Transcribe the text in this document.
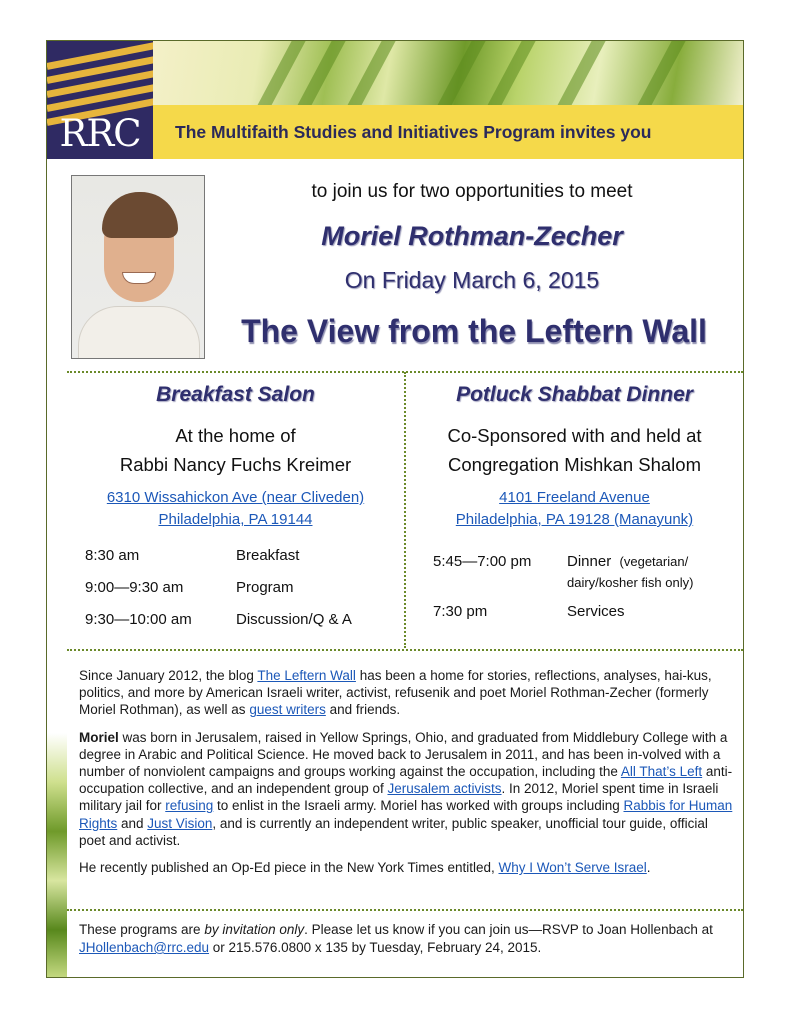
RRC	The Multifaith Studies and Initiatives Program invites you
to join us for two opportunities to meet
Moriel Rothman-Zecher
On Friday March 6, 2015
The View from the Leftern Wall
Breakfast Salon
At the home of
Rabbi Nancy Fuchs Kreimer
6310 Wissahickon Ave (near Cliveden)
Philadelphia, PA 19144
8:30 am	Breakfast
9:00—9:30 am	Program
9:30—10:00 am	Discussion/Q & A
Potluck Shabbat Dinner
Co-Sponsored with and held at
Congregation Mishkan Shalom
4101 Freeland Avenue
Philadelphia, PA 19128 (Manayunk)
5:45—7:00 pm Dinner (vegetarian/
dairy/kosher fish only)
7:30 pm	Services

Since January 2012, the blog The Leftern Wall has been a home for stories, reflections, analyses, hai-kus, politics, and more by American Israeli writer, activist, refusenik and poet Moriel Rothman-Zecher (formerly Moriel Rothman), as well as guest writers and friends.

Moriel was born in Jerusalem, raised in Yellow Springs, Ohio, and graduated from Middlebury College with a degree in Arabic and Political Science. He moved back to Jerusalem in 2011, and has been in-volved with a number of nonviolent campaigns and groups working against the occupation, including the All That’s Left anti-occupation collective, and an independent group of Jerusalem activists. In 2012, Moriel spent time in Israeli military jail for refusing to enlist in the Israeli army. Moriel has worked with groups including Rabbis for Human Rights and Just Vision, and is currently an independent writer, public speaker, unofficial tour guide, official poet and activist.

He recently published an Op-Ed piece in the New York Times entitled, Why I Won’t Serve Israel.

These programs are by invitation only. Please let us know if you can join us—RSVP to Joan Hollenbach at JHollenbach@rrc.edu or 215.576.0800 x 135 by Tuesday, February 24, 2015.
